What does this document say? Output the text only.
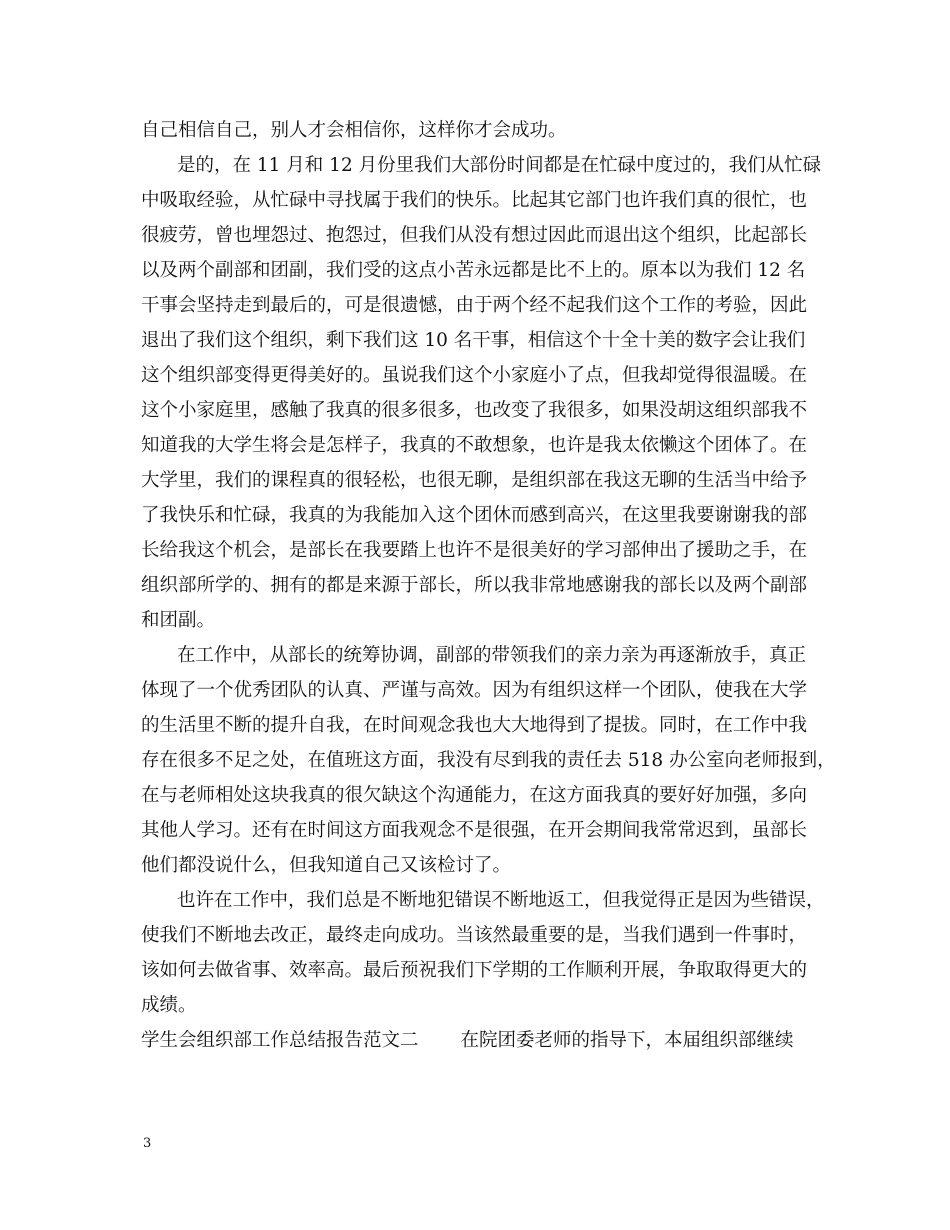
自己相信自己，别人才会相信你，这样你才会成功。
是的，在 11 月和 12 月份里我们大部份时间都是在忙碌中度过的，我们从忙碌
中吸取经验，从忙碌中寻找属于我们的快乐。比起其它部门也许我们真的很忙，也
很疲劳，曾也埋怨过、抱怨过，但我们从没有想过因此而退出这个组织，比起部长
以及两个副部和团副，我们受的这点小苦永远都是比不上的。原本以为我们 12 名
干事会坚持走到最后的，可是很遗憾，由于两个经不起我们这个工作的考验，因此
退出了我们这个组织，剩下我们这 10 名干事，相信这个十全十美的数字会让我们
这个组织部变得更得美好的。虽说我们这个小家庭小了点，但我却觉得很温暖。在
这个小家庭里，感触了我真的很多很多，也改变了我很多，如果没胡这组织部我不
知道我的大学生将会是怎样子，我真的不敢想象，也许是我太依懒这个团体了。在
大学里，我们的课程真的很轻松，也很无聊，是组织部在我这无聊的生活当中给予
了我快乐和忙碌，我真的为我能加入这个团休而感到高兴，在这里我要谢谢我的部
长给我这个机会，是部长在我要踏上也许不是很美好的学习部伸出了援助之手，在
组织部所学的、拥有的都是来源于部长，所以我非常地感谢我的部长以及两个副部
和团副。
在工作中，从部长的统筹协调，副部的带领我们的亲力亲为再逐渐放手，真正
体现了一个优秀团队的认真、严谨与高效。因为有组织这样一个团队，使我在大学
的生活里不断的提升自我，在时间观念我也大大地得到了提拔。同时，在工作中我
存在很多不足之处，在值班这方面，我没有尽到我的责任去 518 办公室向老师报到，
在与老师相处这块我真的很欠缺这个沟通能力，在这方面我真的要好好加强，多向
其他人学习。还有在时间这方面我观念不是很强，在开会期间我常常迟到，虽部长
他们都没说什么，但我知道自己又该检讨了。
也许在工作中，我们总是不断地犯错误不断地返工，但我觉得正是因为些错误，
使我们不断地去改正，最终走向成功。当该然最重要的是，当我们遇到一件事时，
该如何去做省事、效率高。最后预祝我们下学期的工作顺利开展，争取取得更大的
成绩。
学生会组织部工作总结报告范文二 在院团委老师的指导下，本届组织部继续
3
